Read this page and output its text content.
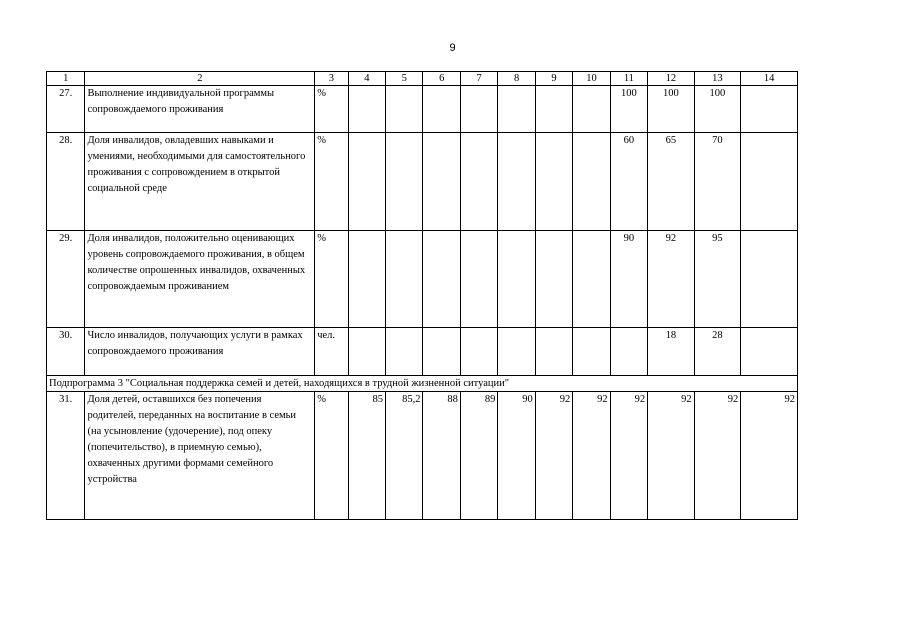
9
1	2	3	4	5	6	7	8	9	10	11	12	13	14
27.	Выполнение индивидуальной программы сопровождаемого проживания	%								100	100	100	
28.	Доля инвалидов, овладевших навыками и умениями, необходимыми для самостоятельного проживания с сопровождением в открытой социальной среде	%								60	65	70	
29.	Доля инвалидов, положительно оценивающих уровень сопровождаемого проживания, в общем количестве опрошенных инвалидов, охваченных сопровождаемым проживанием	%								90	92	95	
30.	Число инвалидов, получающих услуги в рамках сопровождаемого проживания	чел.									18	28	
Подпрограмма 3 "Социальная поддержка семей и детей, находящихся в трудной жизненной ситуации"													
31.	Доля детей, оставшихся без попечения родителей, переданных на воспитание в семьи (на усыновление (удочерение), под опеку (попечительство), в приемную семью), охваченных другими формами семейного устройства	%	85	85,2	88	89	90	92	92	92	92	92	92
